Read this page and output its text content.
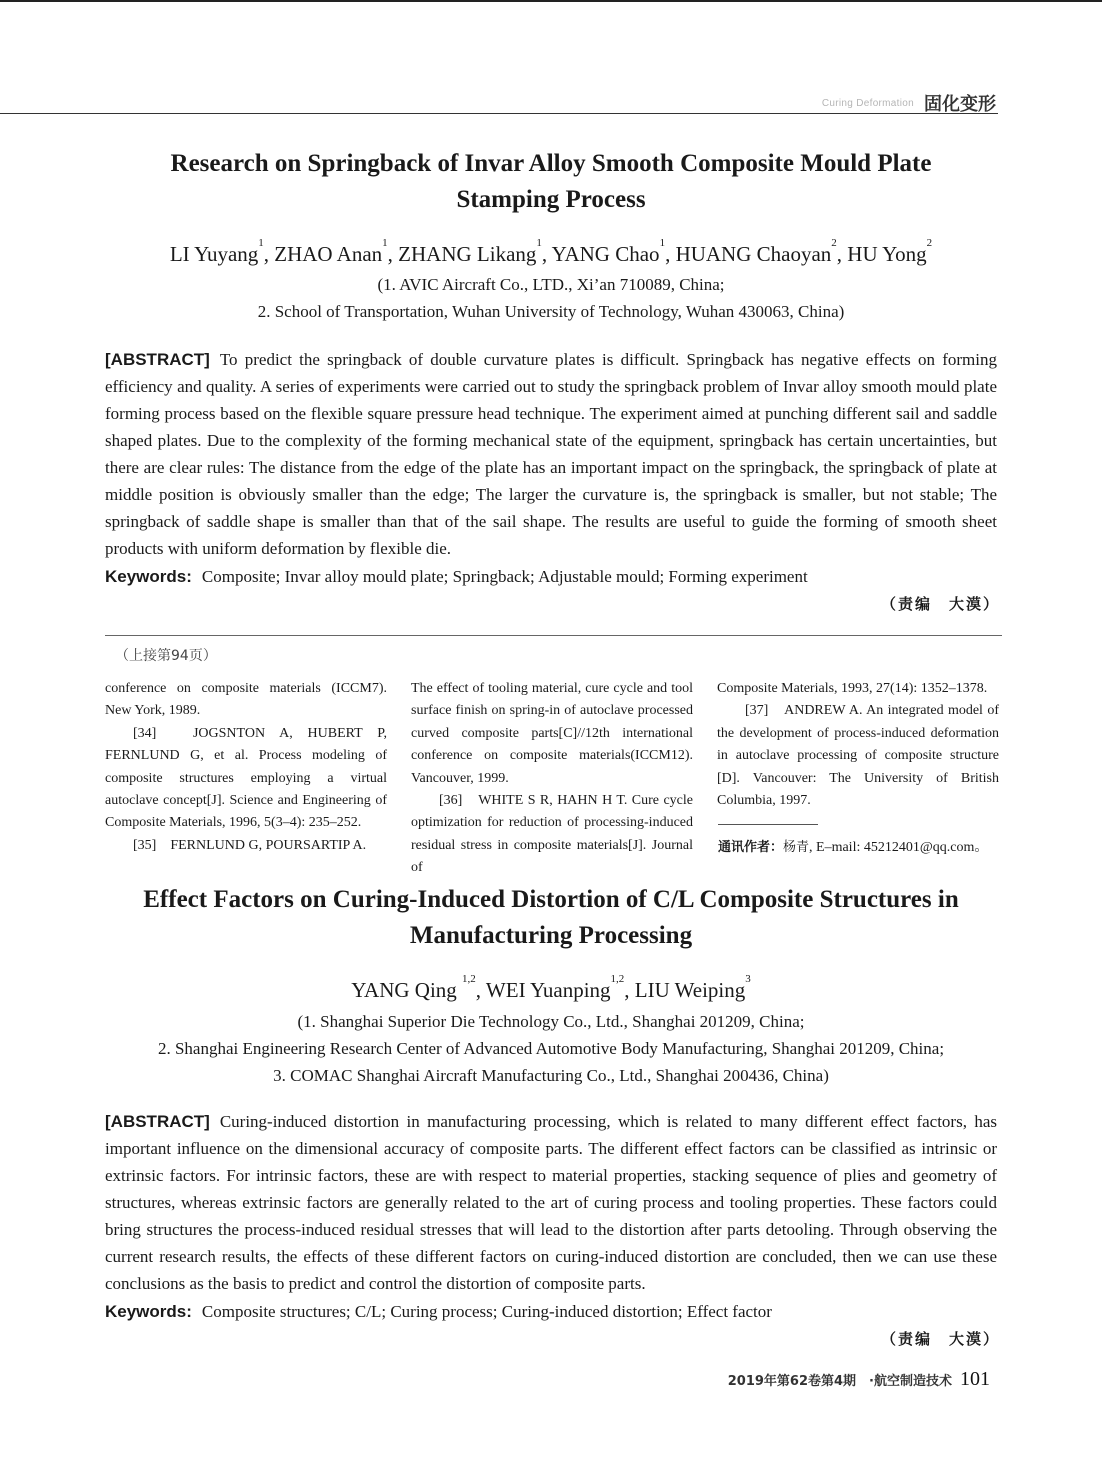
Curing Deformation 固化变形
Research on Springback of Invar Alloy Smooth Composite Mould Plate
Stamping Process
LI Yuyang$^1$, ZHAO Anan$^1$, ZHANG Likang$^1$, YANG Chao$^1$, HUANG Chaoyan$^2$, HU Yong$^2$
(1. AVIC Aircraft Co., LTD., Xi’an 710089, China;
2. School of Transportation, Wuhan University of Technology, Wuhan 430063, China)
[ABSTRACT] To predict the springback of double curvature plates is difficult. Springback has negative effects on forming efficiency and quality. A series of experiments were carried out to study the springback problem of Invar alloy smooth mould plate forming process based on the flexible square pressure head technique. The experiment aimed at punching different sail and saddle shaped plates. Due to the complexity of the forming mechanical state of the equipment, springback has certain uncertainties, but there are clear rules: The distance from the edge of the plate has an important impact on the springback, the springback of plate at middle position is obviously smaller than the edge; The larger the curvature is, the springback is smaller, but not stable; The springback of saddle shape is smaller than that of the sail shape. The results are useful to guide the forming of smooth sheet products with uniform deformation by flexible die.
Keywords: Composite; Invar alloy mould plate; Springback; Adjustable mould; Forming experiment
（责编　大漠）
（上接第94页）

conference on composite materials (ICCM7). New York, 1989.

[34]　JOGSNTON A, HUBERT P, FERNLUND G, et al. Process modeling of composite structures employing a virtual autoclave concept[J]. Science and Engineering of Composite Materials, 1996, 5(3–4): 235–252.

[35]　FERNLUND G, POURSARTIP A.

The effect of tooling material, cure cycle and tool surface finish on spring-in of autoclave processed curved composite parts[C]//12th international conference on composite materials(ICCM12). Vancouver, 1999.

[36]　WHITE S R, HAHN H T. Cure cycle optimization for reduction of processing-induced residual stress in composite materials[J]. Journal of

Composite Materials, 1993, 27(14): 1352–1378.

[37]　ANDREW A. An integrated model of the development of process-induced deformation in autoclave processing of composite structure [D]. Vancouver: The University of British Columbia, 1997.

通讯作者：杨青, E–mail: 45212401@qq.com。
Effect Factors on Curing-Induced Distortion of C/L Composite Structures in
Manufacturing Processing
YANG Qing $^{1,2}$, WEI Yuanping$^{1,2}$, LIU Weiping$^3$
(1. Shanghai Superior Die Technology Co., Ltd., Shanghai 201209, China;
2. Shanghai Engineering Research Center of Advanced Automotive Body Manufacturing, Shanghai 201209, China;
3. COMAC Shanghai Aircraft Manufacturing Co., Ltd., Shanghai 200436, China)
[ABSTRACT] Curing-induced distortion in manufacturing processing, which is related to many different effect factors, has important influence on the dimensional accuracy of composite parts. The different effect factors can be classified as intrinsic or extrinsic factors. For intrinsic factors, these are with respect to material properties, stacking sequence of plies and geometry of structures, whereas extrinsic factors are generally related to the art of curing process and tooling properties. These factors could bring structures the process-induced residual stresses that will lead to the distortion after parts detooling. Through observing the current research results, the effects of these different factors on curing-induced distortion are concluded, then we can use these conclusions as the basis to predict and control the distortion of composite parts.
Keywords: Composite structures; C/L; Curing process; Curing-induced distortion; Effect factor
（责编　大漠）
2019年第62卷第4期　·航空制造技术 101
